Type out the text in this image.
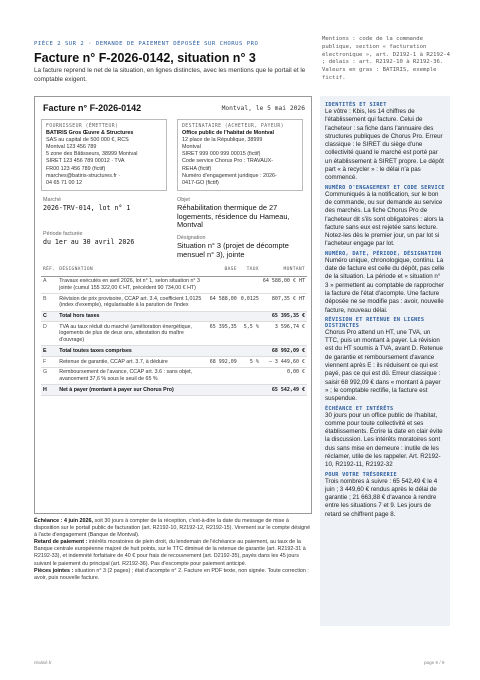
PIÈCE 2 SUR 2 · DEMANDE DE PAIEMENT DÉPOSÉE SUR CHORUS PRO
Facture n° F-2026-0142, situation n° 3
La facture reprend le net de la situation, en lignes distinctes, avec les mentions que le portail et le comptable exigent.
Mentions : code de la commande publique, section « facturation électronique », art. D2192-1 à R2192-4 ; délais : art. R2192-10 à R2192-36. Valeurs en gras : BATIRIS, exemple fictif.
Facture n° F-2026-0142	Montval, le 5 mai 2026
FOURNISSEUR (ÉMETTEUR)
BATIRIS Gros Œuvre & Structures
SAS au capital de 500 000 €, RCS
Montval 123 456 789
5 zone des Bâtisseurs, 38999 Montval
SIRET 123 456 789 00012 · TVA
FR00 123 456 789 (fictif)
marches@batiris-structures.fr ·
04 65 71 00 12
DESTINATAIRE (ACHETEUR, PAYEUR)
Office public de l'habitat de Montval
12 place de la République, 38999
Montval
SIRET 999 000 999 00015 (fictif)
Code service Chorus Pro : TRAVAUX-
REHA (fictif)
Numéro d'engagement juridique : 2026-
0417-GO (fictif)
Marché
2026-TRV-014, lot n° 1
Période facturée
du 1er au 30 avril 2026
Objet
Réhabilitation thermique de 27 logements, résidence du Hameau, Montval
Désignation
Situation n° 3 (projet de décompte mensuel n° 3), jointe
RÉF.	DÉSIGNATION	BASE	TAUX	MONTANT
A	Travaux exécutés en avril 2026, lot n° 1, selon situation n° 3 jointe (cumul 155 322,00 € HT, précédent 90 734,00 € HT)			64 588,00 € HT
B	Révision de prix provisoire, CCAP art. 3.4, coefficient 1,0125 (index d'exemple), régularisable à la parution de l'index	64 588,00	0,0125	807,35 € HT
C	Total hors taxes			65 395,35 €
D	TVA au taux réduit du marché (amélioration énergétique, logements de plus de deux ans, attestation du maître d'ouvrage)	65 395,35	5,5 %	3 596,74 €
E	Total toutes taxes comprises			68 992,09 €
F	Retenue de garantie, CCAP art. 3.7, à déduire	68 992,09	5 %	– 3 449,60 €
G	Remboursement de l'avance, CCAP art. 3.6 : sans objet, avancement 37,6 % sous le seuil de 65 %			0,00 €
H	Net à payer (montant à payer sur Chorus Pro)			65 542,49 €
Échéance : 4 juin 2026, soit 30 jours à compter de la réception, c'est-à-dire la date du message de mise à disposition sur le portail public de facturation (art. R2192-10, R2192-12, R2192-15). Virement sur le compte désigné à l'acte d'engagement (Banque de Montval).
Retard de paiement : intérêts moratoires de plein droit, du lendemain de l'échéance au paiement, au taux de la Banque centrale européenne majoré de huit points, sur le TTC diminué de la retenue de garantie (art. R2192-31 à R2192-33), et indemnité forfaitaire de 40 € pour frais de recouvrement (art. D2192-35), payés dans les 45 jours suivant le paiement du principal (art. R2192-36). Pas d'escompte pour paiement anticipé.
Pièces jointes : situation n° 3 (2 pages) ; état d'acompte n° 2. Facture en PDF texte, non signée. Toute correction : avoir, puis nouvelle facture.
IDENTITÉS ET SIRET
Le vôtre : Kbis, les 14 chiffres de l'établissement qui facture. Celui de l'acheteur : sa fiche dans l'annuaire des structures publiques de Chorus Pro. Erreur classique : le SIRET du siège d'une collectivité quand le marché est porté par un établissement à SIRET propre. Le dépôt part « à recycler » : le délai n'a pas commencé.
NUMÉRO D'ENGAGEMENT ET CODE SERVICE
Communiqués à la notification, sur le bon de commande, ou sur demande au service des marchés. La fiche Chorus Pro de l'acheteur dit s'ils sont obligatoires : alors la facture sans eux est rejetée sans lecture. Notez-les dès le premier jour, un par lot si l'acheteur engage par lot.
NUMÉRO, DATE, PÉRIODE, DÉSIGNATION
Numéro unique, chronologique, continu. La date de facture est celle du dépôt, pas celle de la situation. La période et « situation n° 3 » permettent au comptable de rapprocher la facture de l'état d'acompte. Une facture déposée ne se modifie pas : avoir, nouvelle facture, nouveau délai.
RÉVISION ET RETENUE EN LIGNES DISTINCTES
Chorus Pro attend un HT, une TVA, un TTC, puis un montant à payer. La révision est du HT soumis à TVA, avant D. Retenue de garantie et remboursement d'avance viennent après E : ils réduisent ce qui est payé, pas ce qui est dû. Erreur classique : saisir 68 992,09 € dans « montant à payer » ; le comptable rectifie, la facture est suspendue.
ÉCHÉANCE ET INTÉRÊTS
30 jours pour un office public de l'habitat, comme pour toute collectivité et ses établissements. Écrire la date en clair évite la discussion. Les intérêts moratoires sont dus sans mise en demeure : inutile de les réclamer, utile de les rappeler. Art. R2192-10, R2192-11, R2192-32
POUR VOTRE TRÉSORERIE
Trois nombres à suivre : 65 542,49 € le 4 juin ; 3 449,60 € rendus après le délai de garantie ; 21 663,88 € d'avance à rendre entre les situations 7 et 9. Les jours de retard se chiffrent page 8.
réalisé.fr	page 6 / 9
